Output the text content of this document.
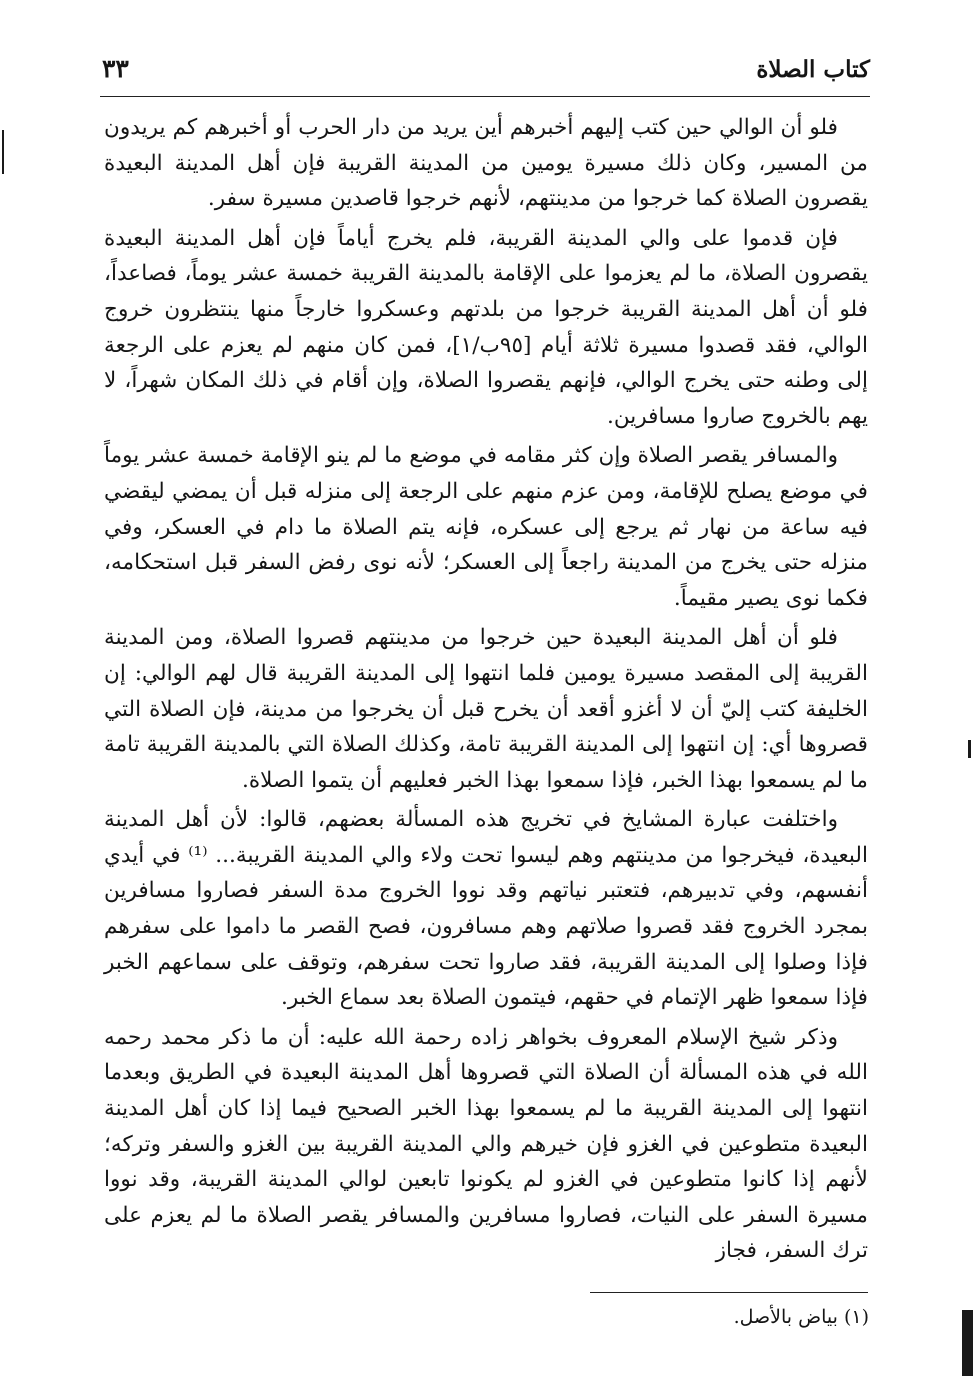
كتاب الصلاة
٣٣

فلو أن الوالي حين كتب إليهم أخبرهم أين يريد من دار الحرب أو أخبرهم كم يريدون من المسير، وكان ذلك مسيرة يومين من المدينة القريبة فإن أهل المدينة البعيدة يقصرون الصلاة كما خرجوا من مدينتهم، لأنهم خرجوا قاصدين مسيرة سفر.

فإن قدموا على والي المدينة القريبة، فلم يخرج أياماً فإن أهل المدينة البعيدة يقصرون الصلاة، ما لم يعزموا على الإقامة بالمدينة القريبة خمسة عشر يوماً، فصاعداً، فلو أن أهل المدينة القريبة خرجوا من بلدتهم وعسكروا خارجاً منها ينتظرون خروج الوالي، فقد قصدوا مسيرة ثلاثة أيام [٩٥ب/١]، فمن كان منهم لم يعزم على الرجعة إلى وطنه حتى يخرج الوالي، فإنهم يقصروا الصلاة، وإن أقام في ذلك المكان شهراً، لا يهم بالخروج صاروا مسافرين.

والمسافر يقصر الصلاة وإن كثر مقامه في موضع ما لم ينو الإقامة خمسة عشر يوماً في موضع يصلح للإقامة، ومن عزم منهم على الرجعة إلى منزله قبل أن يمضي ليقضي فيه ساعة من نهار ثم يرجع إلى عسكره، فإنه يتم الصلاة ما دام في العسكر، وفي منزله حتى يخرج من المدينة راجعاً إلى العسكر؛ لأنه نوى رفض السفر قبل استحكامه، فكما نوى يصير مقيماً.

فلو أن أهل المدينة البعيدة حين خرجوا من مدينتهم قصروا الصلاة، ومن المدينة القريبة إلى المقصد مسيرة يومين فلما انتهوا إلى المدينة القريبة قال لهم الوالي: إن الخليفة كتب إليّ أن لا أغزو أقعد أن يخرح قبل أن يخرجوا من مدينة، فإن الصلاة التي قصروها أي: إن انتهوا إلى المدينة القريبة تامة، وكذلك الصلاة التي بالمدينة القريبة تامة ما لم يسمعوا بهذا الخبر، فإذا سمعوا بهذا الخبر فعليهم أن يتموا الصلاة.

واختلفت عبارة المشايخ في تخريج هذه المسألة بعضهم، قالوا: لأن أهل المدينة البعيدة، فيخرجوا من مدينتهم وهم ليسوا تحت ولاء والي المدينة القريبة... ⁽¹⁾ في أيدي أنفسهم، وفي تدبيرهم، فتعتبر نياتهم وقد نووا الخروج مدة السفر فصاروا مسافرين بمجرد الخروج فقد قصروا صلاتهم وهم مسافرون، فصح القصر ما داموا على سفرهم فإذا وصلوا إلى المدينة القريبة، فقد صاروا تحت سفرهم، وتوقف على سماعهم الخبر فإذا سمعوا ظهر الإتمام في حقهم، فيتمون الصلاة بعد سماع الخبر.

وذكر شيخ الإسلام المعروف بخواهر زاده رحمة الله عليه: أن ما ذكر محمد رحمه الله في هذه المسألة أن الصلاة التي قصروها أهل المدينة البعيدة في الطريق وبعدما انتهوا إلى المدينة القريبة ما لم يسمعوا بهذا الخبر الصحيح فيما إذا كان أهل المدينة البعيدة متطوعين في الغزو فإن خيرهم والي المدينة القريبة بين الغزو والسفر وتركه؛ لأنهم إذا كانوا متطوعين في الغزو لم يكونوا تابعين لوالي المدينة القريبة، وقد نووا مسيرة السفر على النيات، فصاروا مسافرين والمسافر يقصر الصلاة ما لم يعزم على ترك السفر، فجاز

(١) بياض بالأصل.
